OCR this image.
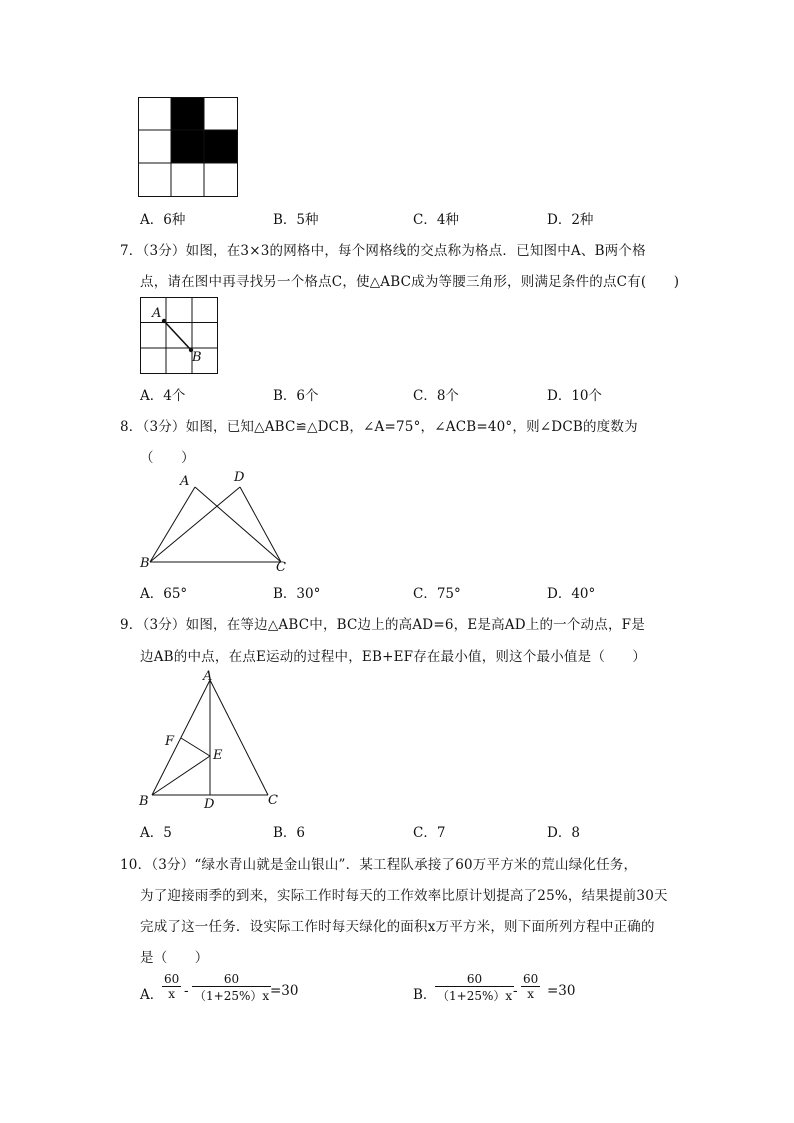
A．6种	B．5种	C．4种	D．2种
7．（3分）如图，在3×3的网格中，每个网格线的交点称为格点．已知图中A、B两个格
点，请在图中再寻找另一个格点C，使△ABC成为等腰三角形，则满足条件的点C有(　　)
A
B
A．4个	B．6个	C．8个	D．10个
8．（3分）如图，已知△ABC≌△DCB，∠A=75°，∠ACB=40°，则∠DCB的度数为
（　　）
A	D
B	C
A．65°	B．30°	C．75°	D．40°
9．（3分）如图，在等边△ABC中，BC边上的高AD=6，E是高AD上的一个动点，F是
边AB的中点，在点E运动的过程中，EB+EF存在最小值，则这个最小值是（　　）
A
F
E
B	D	C
A．5	B．6	C．7	D．8
10．（3分）“绿水青山就是金山银山”．某工程队承接了60万平方米的荒山绿化任务，
为了迎接雨季的到来，实际工作时每天的工作效率比原计划提高了25%，结果提前30天
完成了这一任务．设实际工作时每天绿化的面积x万平方米，则下面所列方程中正确的
是（　　）
A．
$\frac{60}{x} - \frac{60}{(1+25\%)x}$
=30	B．
$\frac{60}{(1+25\%)x}$
- $\frac{60}{x} =30$
